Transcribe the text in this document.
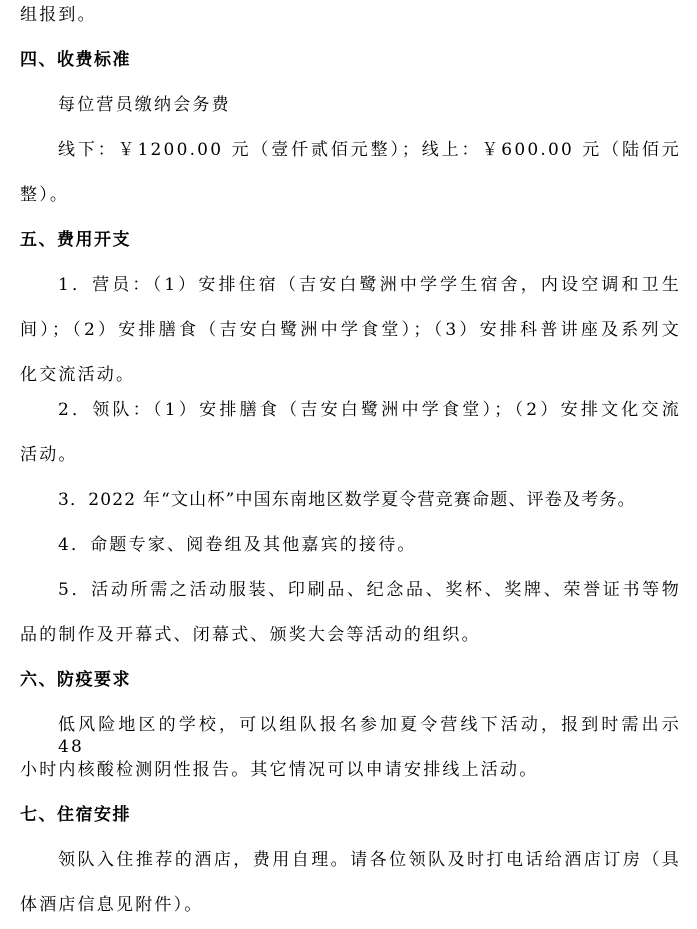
组报到。
四、收费标准
每位营员缴纳会务费
线下：￥1200.00 元（壹仟贰佰元整）；线上：￥600.00 元（陆佰元
整）。
五、费用开支
1．营员：（1）安排住宿（吉安白鹭洲中学学生宿舍，内设空调和卫生
间）；（2）安排膳食（吉安白鹭洲中学食堂）；（3）安排科普讲座及系列文
化交流活动。
2．领队：（1）安排膳食（吉安白鹭洲中学食堂）；（2）安排文化交流
活动。
3．2022 年“文山杯”中国东南地区数学夏令营竞赛命题、评卷及考务。
4．命题专家、阅卷组及其他嘉宾的接待。
5．活动所需之活动服装、印刷品、纪念品、奖杯、奖牌、荣誉证书等物
品的制作及开幕式、闭幕式、颁奖大会等活动的组织。
六、防疫要求
低风险地区的学校，可以组队报名参加夏令营线下活动，报到时需出示 48
小时内核酸检测阴性报告。其它情况可以申请安排线上活动。
七、住宿安排
领队入住推荐的酒店，费用自理。请各位领队及时打电话给酒店订房（具
体酒店信息见附件）。
